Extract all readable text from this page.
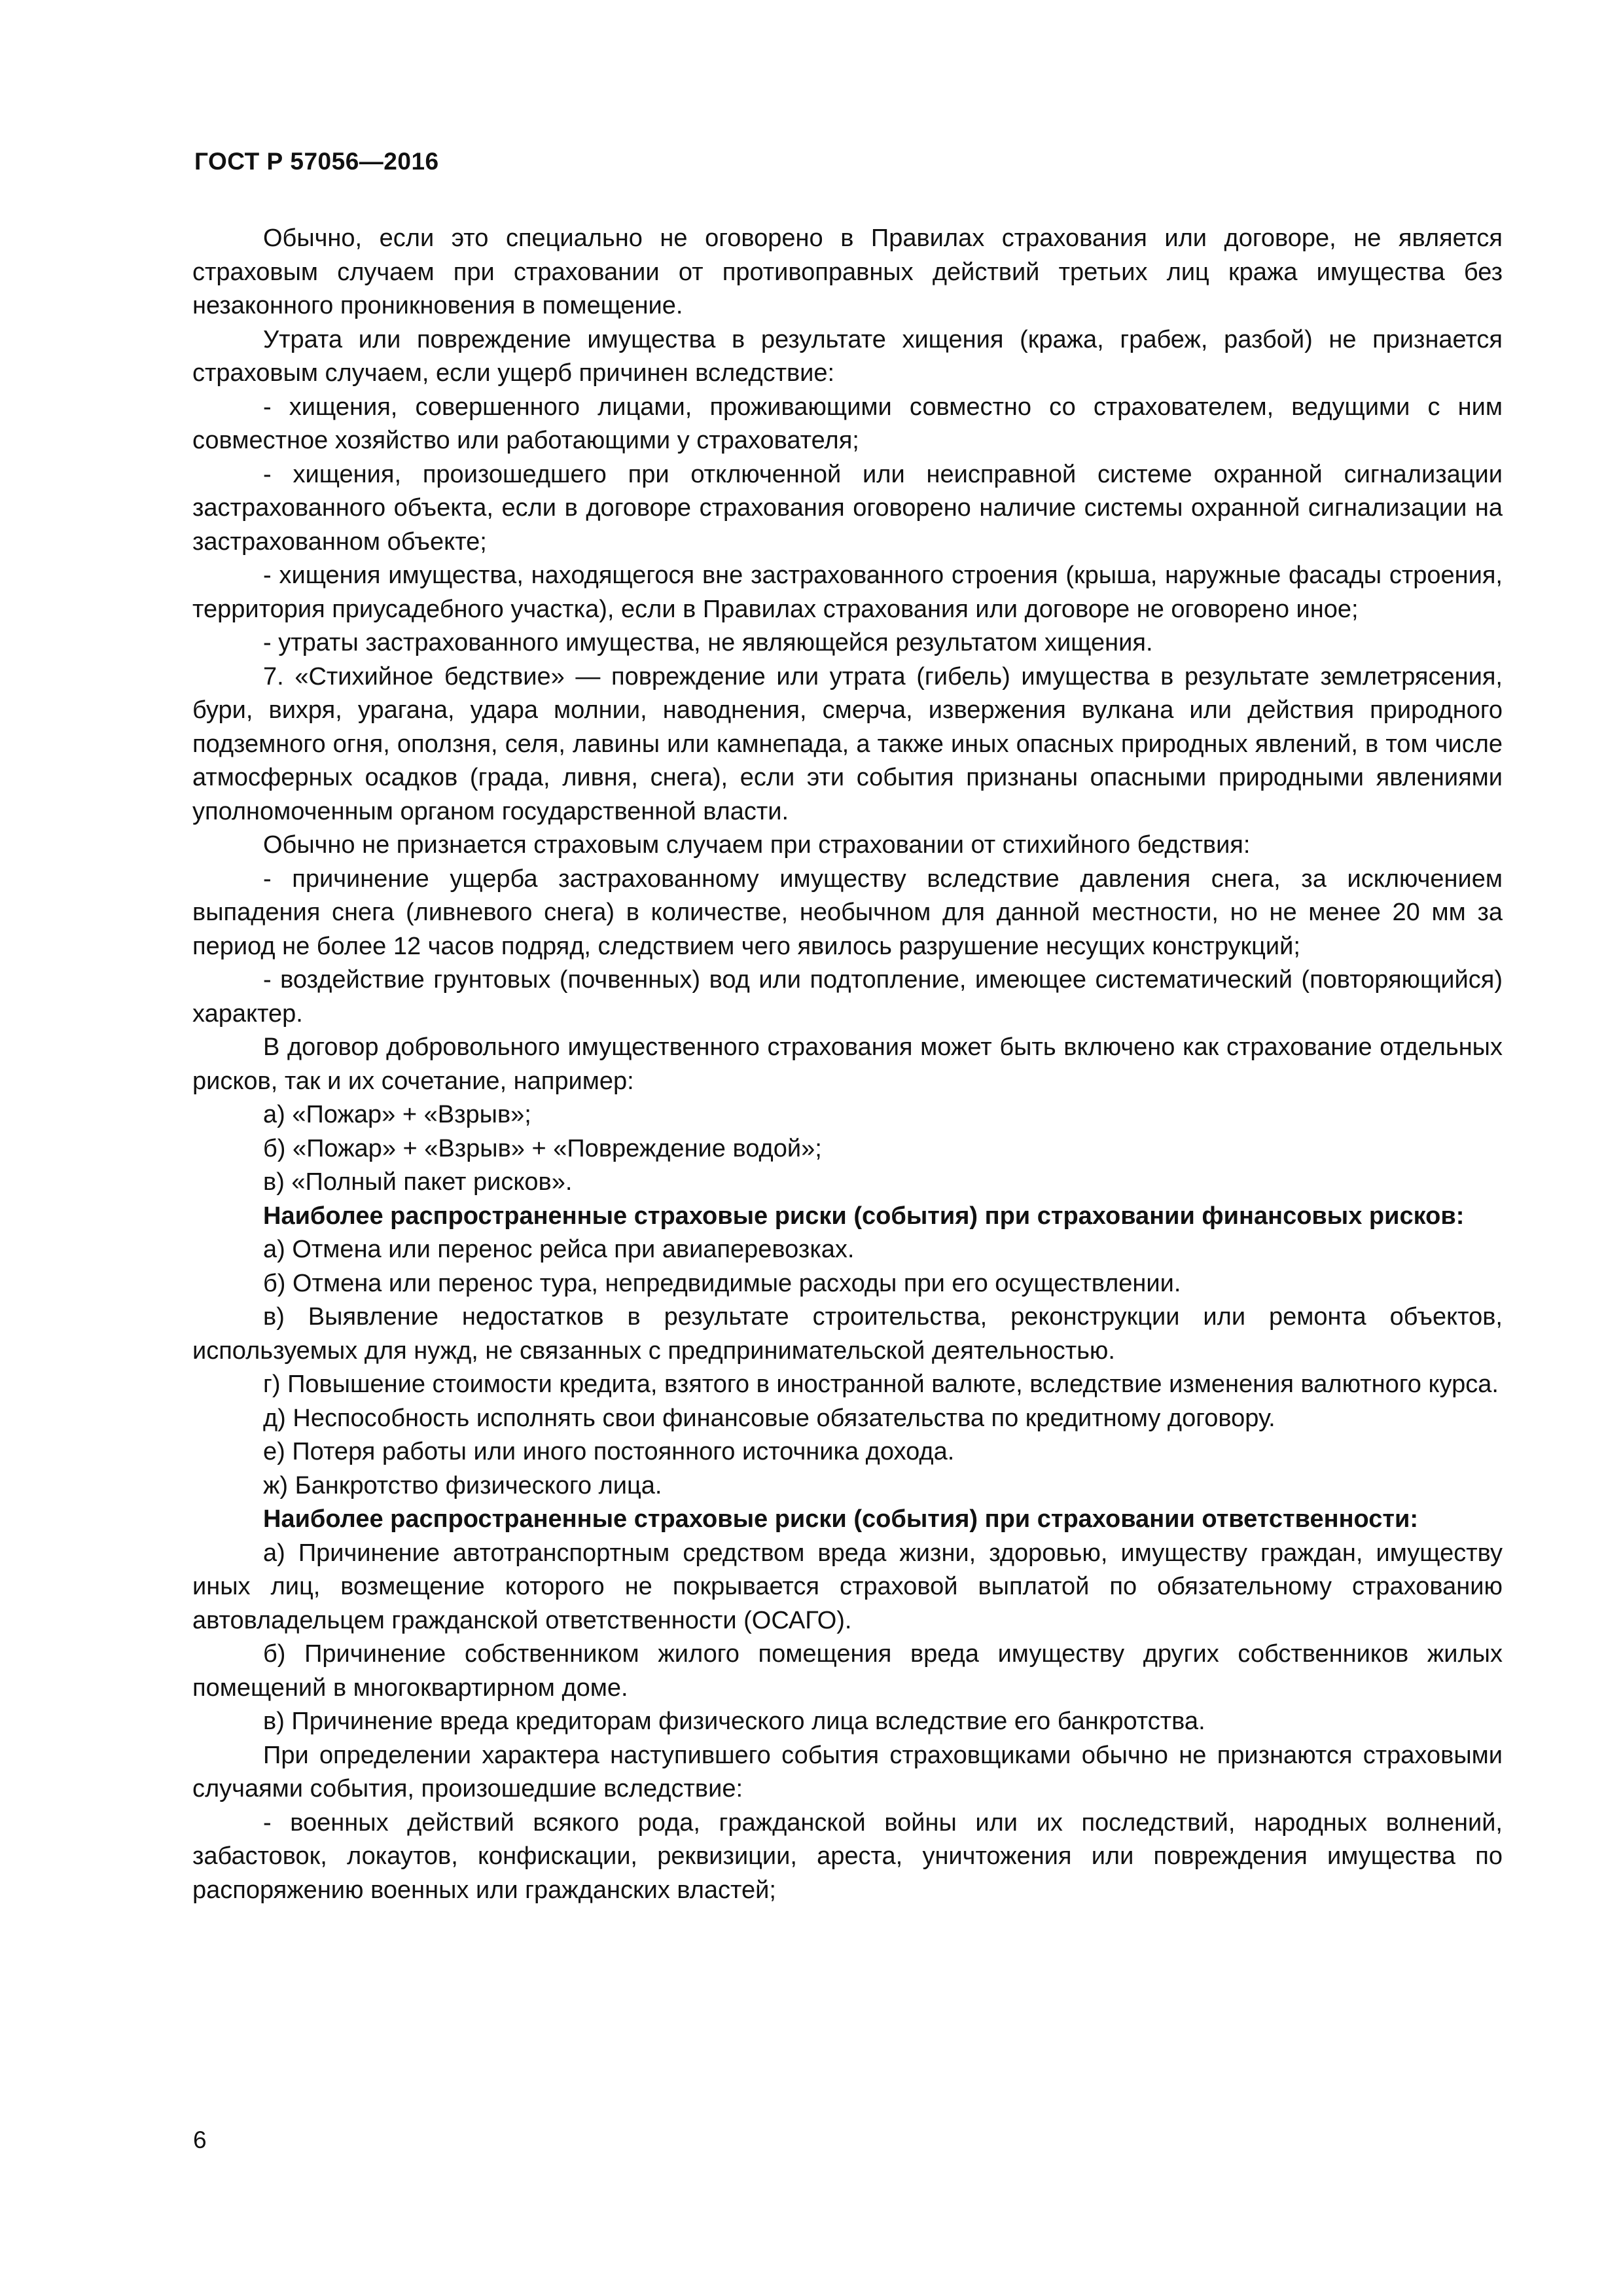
ГОСТ Р 57056—2016

Обычно, если это специально не оговорено в Правилах страхования или договоре, не является страховым случаем при страховании от противоправных действий третьих лиц кража имущества без незаконного проникновения в помещение.

Утрата или повреждение имущества в результате хищения (кража, грабеж, разбой) не признается страховым случаем, если ущерб причинен вследствие:

- хищения, совершенного лицами, проживающими совместно со страхователем, ведущими с ним совместное хозяйство или работающими у страхователя;

- хищения, произошедшего при отключенной или неисправной системе охранной сигнализации застрахованного объекта, если в договоре страхования оговорено наличие системы охранной сигнализации на застрахованном объекте;

- хищения имущества, находящегося вне застрахованного строения (крыша, наружные фасады строения, территория приусадебного участка), если в Правилах страхования или договоре не оговорено иное;

- утраты застрахованного имущества, не являющейся результатом хищения.

7. «Стихийное бедствие» — повреждение или утрата (гибель) имущества в результате землетрясения, бури, вихря, урагана, удара молнии, наводнения, смерча, извержения вулкана или действия природного подземного огня, оползня, селя, лавины или камнепада, а также иных опасных природных явлений, в том числе атмосферных осадков (града, ливня, снега), если эти события признаны опасными природными явлениями уполномоченным органом государственной власти.

Обычно не признается страховым случаем при страховании от стихийного бедствия:

- причинение ущерба застрахованному имуществу вследствие давления снега, за исключением выпадения снега (ливневого снега) в количестве, необычном для данной местности, но не менее 20 мм за период не более 12 часов подряд, следствием чего явилось разрушение несущих конструкций;

- воздействие грунтовых (почвенных) вод или подтопление, имеющее систематический (повторяющийся) характер.

В договор добровольного имущественного страхования может быть включено как страхование отдельных рисков, так и их сочетание, например:

а) «Пожар» + «Взрыв»;

б) «Пожар» + «Взрыв» + «Повреждение водой»;

в) «Полный пакет рисков».

Наиболее распространенные страховые риски (события) при страховании финансовых рисков:

а) Отмена или перенос рейса при авиаперевозках.

б) Отмена или перенос тура, непредвидимые расходы при его осуществлении.

в) Выявление недостатков в результате строительства, реконструкции или ремонта объектов, используемых для нужд, не связанных с предпринимательской деятельностью.

г) Повышение стоимости кредита, взятого в иностранной валюте, вследствие изменения валютного курса.

д) Неспособность исполнять свои финансовые обязательства по кредитному договору.

е) Потеря работы или иного постоянного источника дохода.

ж) Банкротство физического лица.

Наиболее распространенные страховые риски (события) при страховании ответственности:

а) Причинение автотранспортным средством вреда жизни, здоровью, имуществу граждан, имуществу иных лиц, возмещение которого не покрывается страховой выплатой по обязательному страхованию автовладельцем гражданской ответственности (ОСАГО).

б) Причинение собственником жилого помещения вреда имуществу других собственников жилых помещений в многоквартирном доме.

в) Причинение вреда кредиторам физического лица вследствие его банкротства.

При определении характера наступившего события страховщиками обычно не признаются страховыми случаями события, произошедшие вследствие:

- военных действий всякого рода, гражданской войны или их последствий, народных волнений, забастовок, локаутов, конфискации, реквизиции, ареста, уничтожения или повреждения имущества по распоряжению военных или гражданских властей;

6
